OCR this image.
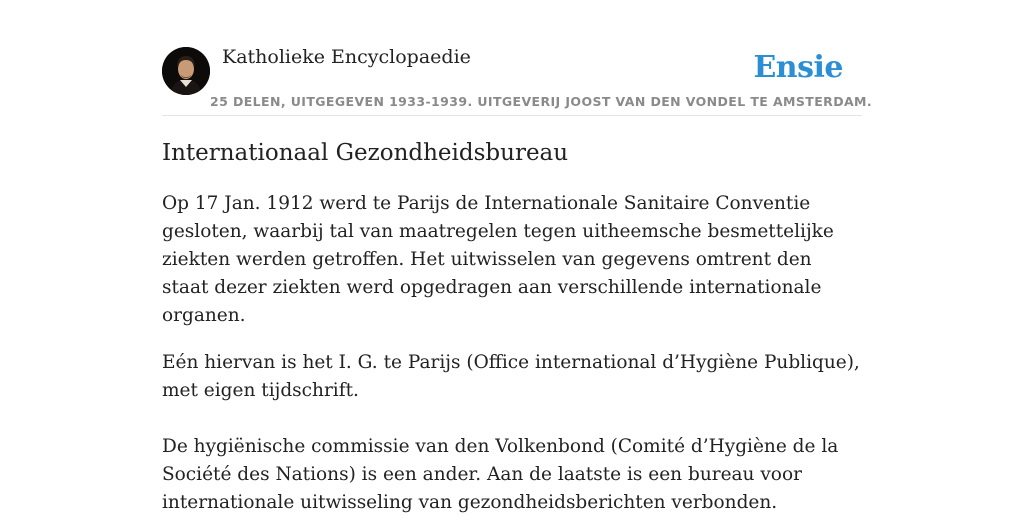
Katholieke Encyclopaedie	Ensie
25 DELEN, UITGEGEVEN 1933-1939. UITGEVERIJ JOOST VAN DEN VONDEL TE AMSTERDAM.
Internationaal Gezondheidsbureau

Op 17 Jan. 1912 werd te Parijs de Internationale Sanitaire Conventie gesloten, waarbij tal van maatregelen tegen uitheemsche besmettelijke ziekten werden getroffen. Het uitwisselen van gegevens omtrent den staat dezer ziekten werd opgedragen aan verschillende internationale organen.

Eén hiervan is het I. G. te Parijs (Office international d’Hygiène Publique), met eigen tijdschrift.

De hygiënische commissie van den Volkenbond (Comité d’Hygiène de la Société des Nations) is een ander. Aan de laatste is een bureau voor internationale uitwisseling van gezondheidsberichten verbonden.
